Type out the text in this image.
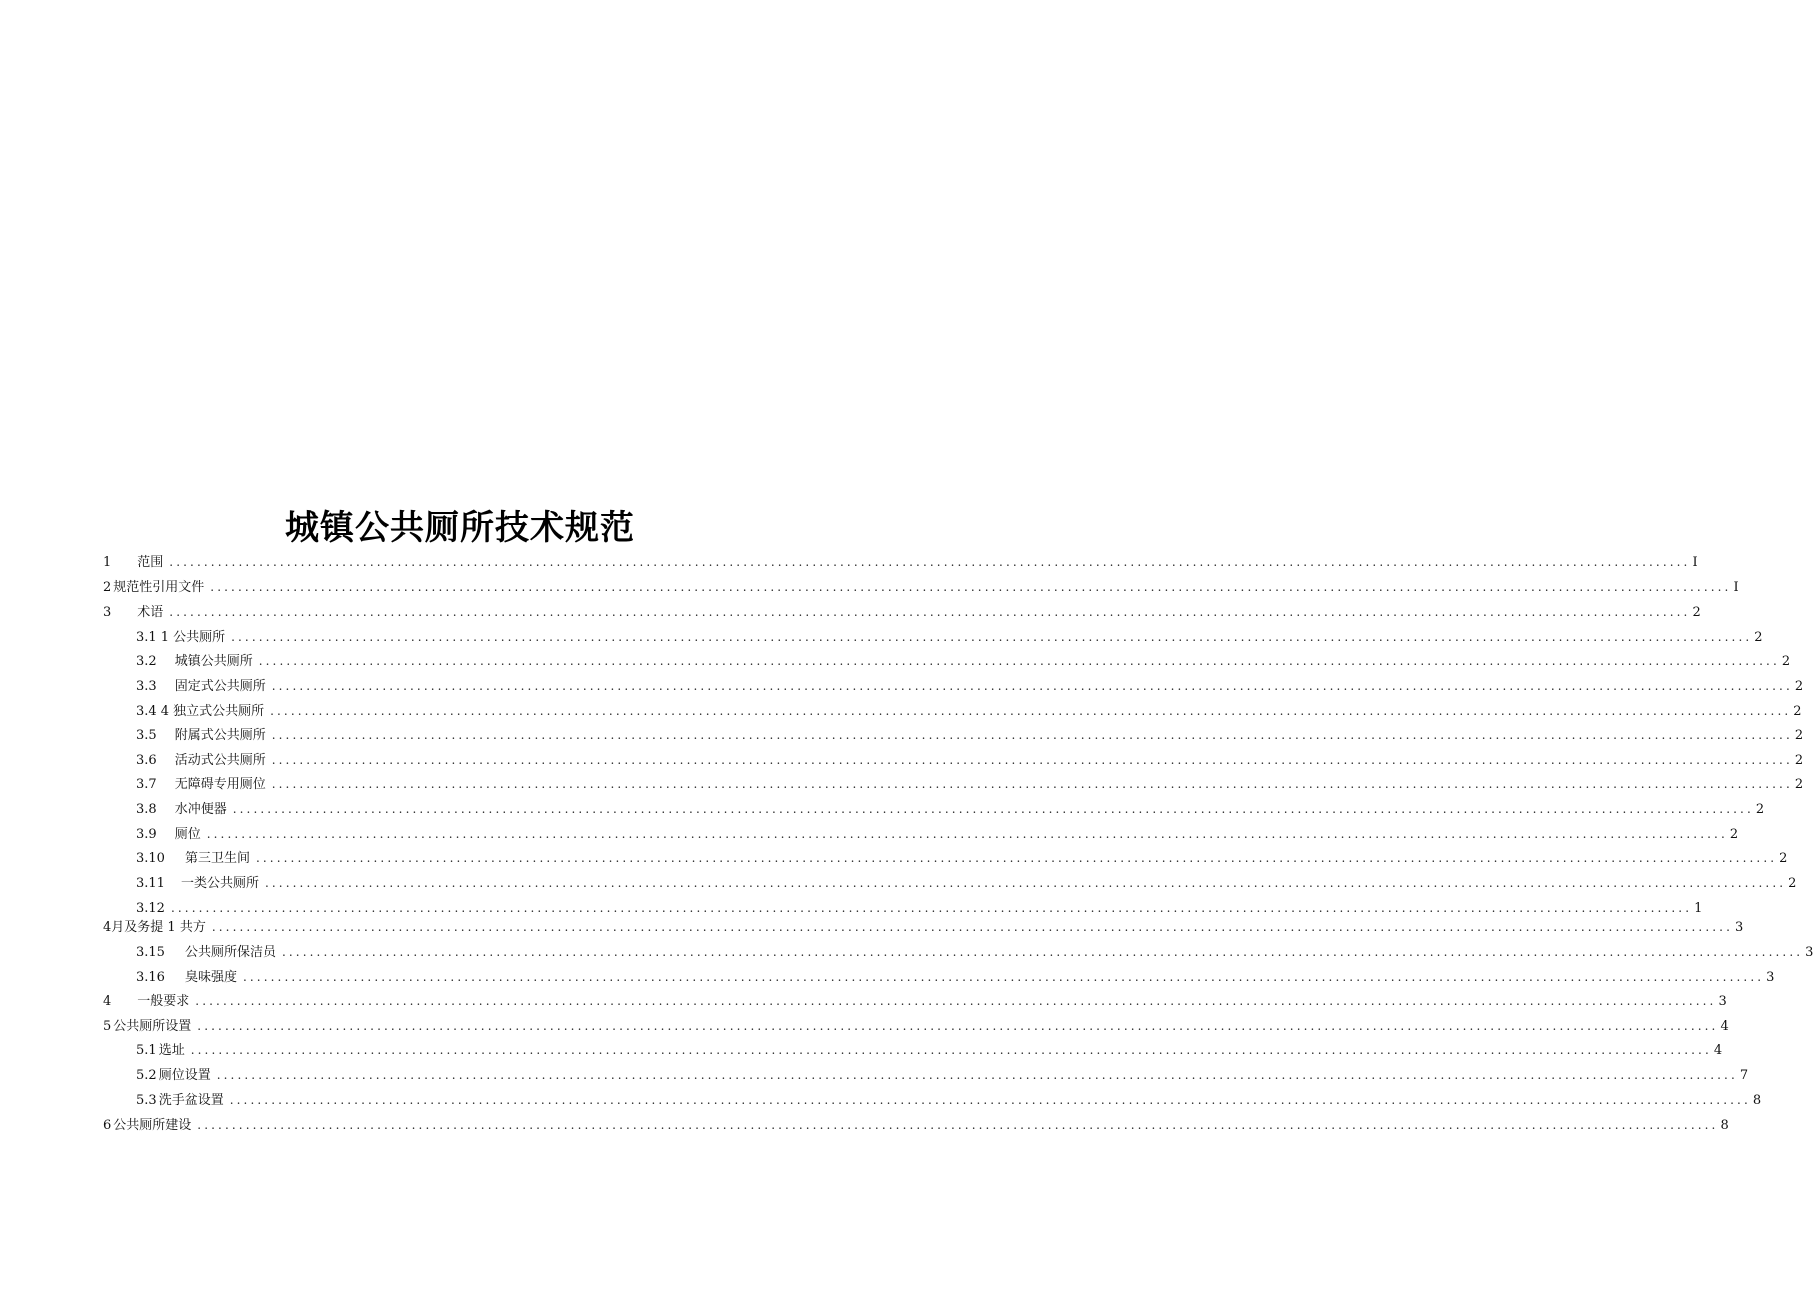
城镇公共厕所技术规范
1 范围 ............................................................................................................................................................................................................................ I
2 规范性引用文件 ............................................................................................................................................................................................................................ I
3 术语 ............................................................................................................................................................................................................................ 2
3.1 1 公共厕所 ............................................................................................................................................................................................................................ 2
3.2 城镇公共厕所 ............................................................................................................................................................................................................................ 2
3.3 固定式公共厕所 ............................................................................................................................................................................................................................ 2
3.4 4 独立式公共厕所 ............................................................................................................................................................................................................................ 2
3.5 附属式公共厕所 ............................................................................................................................................................................................................................ 2
3.6 活动式公共厕所 ............................................................................................................................................................................................................................ 2
3.7 无障碍专用厕位 ............................................................................................................................................................................................................................ 2
3.8 水冲便器 ............................................................................................................................................................................................................................ 2
3.9 厕位 ............................................................................................................................................................................................................................ 2
3.10 第三卫生间 ............................................................................................................................................................................................................................ 2
3.11 一类公共厕所 ............................................................................................................................................................................................................................ 2
3.12 ............................................................................................................................................................................................................................ 1
4月及务提 1 共方 ............................................................................................................................................................................................................................ 3
3.15 公共厕所保洁员 ............................................................................................................................................................................................................................ 3
3.16 臭味强度 ............................................................................................................................................................................................................................ 3
4 一般要求 ............................................................................................................................................................................................................................ 3
5 公共厕所设置 ............................................................................................................................................................................................................................ 4
5.1 选址 ............................................................................................................................................................................................................................ 4
5.2 厕位设置 ............................................................................................................................................................................................................................ 7
5.3 洗手盆设置 ............................................................................................................................................................................................................................ 8
6 公共厕所建设 ............................................................................................................................................................................................................................ 8
